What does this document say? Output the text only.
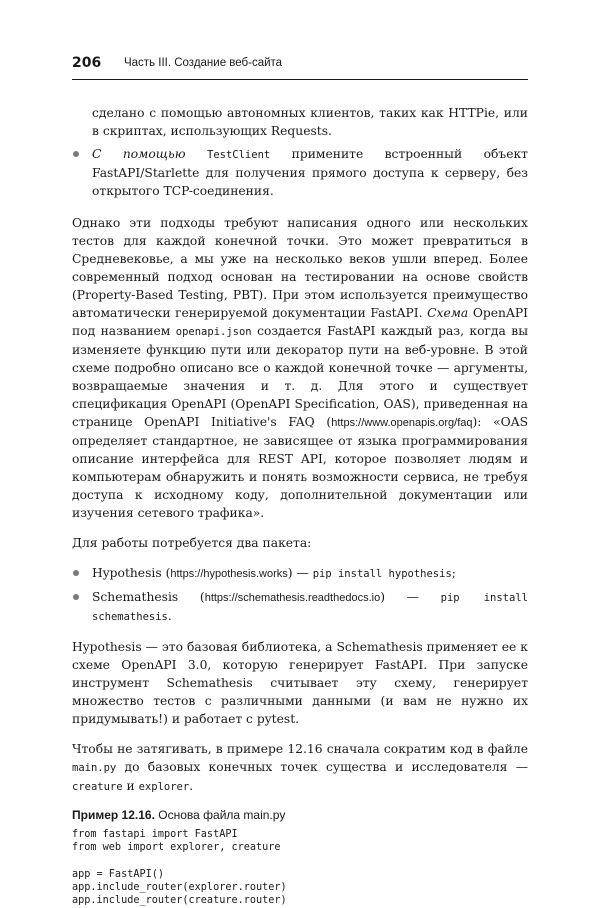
206 Часть III. Создание веб-сайта

сделано с помощью автономных клиентов, таких как HTTPie, или в скриптах, использующих Requests.

С помощью TestClient примените встроенный объект FastAPI/Starlette для получения прямого доступа к серверу, без открытого TCP-соединения.

Однако эти подходы требуют написания одного или нескольких тестов для каждой конечной точки. Это может превратиться в Средневековье, а мы уже на несколько веков ушли вперед. Более современный подход основан на тестировании на основе свойств (Property-Based Testing, PBT). При этом используется преимущество автоматически генерируемой документации FastAPI. Схема OpenAPI под названием openapi.json создается FastAPI каждый раз, когда вы изменяете функцию пути или декоратор пути на веб-уровне. В этой схеме подробно описано все о каждой конечной точке — аргументы, возвращаемые значения и т. д. Для этого и существует спецификация OpenAPI (OpenAPI Specification, OAS), приведенная на странице OpenAPI Initiative's FAQ (https://www.openapis.org/faq): «OAS определяет стандартное, не зависящее от языка программирования описание интерфейса для REST API, которое позволяет людям и компьютерам обнаружить и понять возможности сервиса, не требуя доступа к исходному коду, дополнительной документации или изучения сетевого трафика».

Для работы потребуется два пакета:

Hypothesis (https://hypothesis.works) — pip install hypothesis;

Schemathesis (https://schemathesis.readthedocs.io) — pip install schemathesis.

Hypothesis — это базовая библиотека, а Schemathesis применяет ее к схеме OpenAPI 3.0, которую генерирует FastAPI. При запуске инструмент Schemathesis считывает эту схему, генерирует множество тестов с различными данными (и вам не нужно их придумывать!) и работает с pytest.

Чтобы не затягивать, в примере 12.16 сначала сократим код в файле main.py до базовых конечных точек существа и исследователя — creature и explorer.

Пример 12.16. Основа файла main.py
from fastapi import FastAPI
from web import explorer, creature

app = FastAPI()
app.include_router(explorer.router)
app.include_router(creature.router)
